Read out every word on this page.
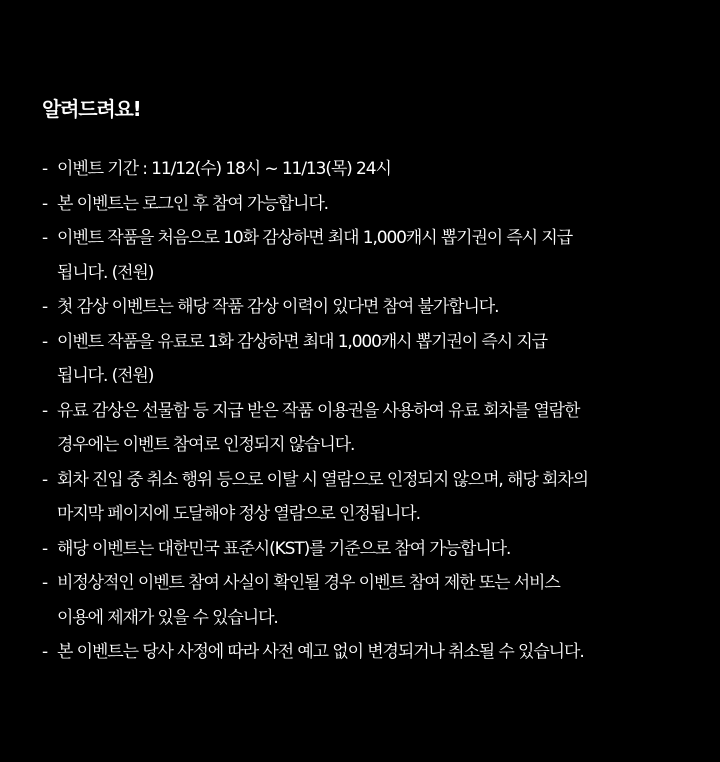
알려드려요!
- 이벤트 기간 : 11/12(수) 18시 ~ 11/13(목) 24시
- 본 이벤트는 로그인 후 참여 가능합니다.
- 이벤트 작품을 처음으로 10화 감상하면 최대 1,000캐시 뽑기권이 즉시 지급
됩니다. (전원)
- 첫 감상 이벤트는 해당 작품 감상 이력이 있다면 참여 불가합니다.
- 이벤트 작품을 유료로 1화 감상하면 최대 1,000캐시 뽑기권이 즉시 지급
됩니다. (전원)
- 유료 감상은 선물함 등 지급 받은 작품 이용권을 사용하여 유료 회차를 열람한
경우에는 이벤트 참여로 인정되지 않습니다.
- 회차 진입 중 취소 행위 등으로 이탈 시 열람으로 인정되지 않으며, 해당 회차의
마지막 페이지에 도달해야 정상 열람으로 인정됩니다.
- 해당 이벤트는 대한민국 표준시(KST)를 기준으로 참여 가능합니다.
- 비정상적인 이벤트 참여 사실이 확인될 경우 이벤트 참여 제한 또는 서비스
이용에 제재가 있을 수 있습니다.
- 본 이벤트는 당사 사정에 따라 사전 예고 없이 변경되거나 취소될 수 있습니다.
